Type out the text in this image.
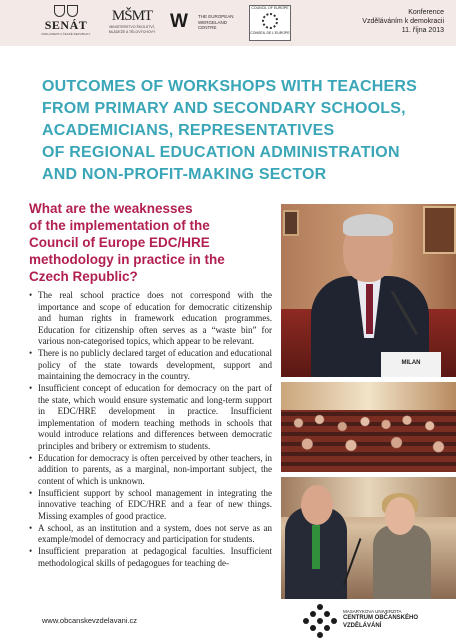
SENÁT
PARLAMENTU ČESKÉ REPUBLIKY
MŠMT
MINISTERSTVO ŠKOLSTVÍ,
MLÁDEŽE A TĚLOVÝCHOVY W	THE EUROPEAN
WERGELAND
CENTRE
COUNCIL OF EUROPE
CONSEIL DE L'EUROPE
Konference
Vzděláváním k demokracii
11. října 2013
OUTCOMES OF WORKSHOPS WITH TEACHERS
FROM PRIMARY AND SECONDARY SCHOOLS,
ACADEMICIANS, REPRESENTATIVES
OF REGIONAL EDUCATION ADMINISTRATION
AND NON-PROFIT-MAKING SECTOR
What are the weaknesses
of the implementation of the
Council of Europe EDC/HRE
methodology in practice in the
Czech Republic?
• The real school practice does not correspond with the importance and scope of education for democratic citizenship and human rights in framework education programmes. Education for citizenship often serves as a “waste bin” for various non-categorised topics, which appear to be relevant.
• There is no publicly declared target of education and educational policy of the state towards development, support and maintaining the democracy in the country.
• Insufficient concept of education for democracy on the part of the state, which would ensure systematic and long-term support in EDC/HRE development in practice. Insufficient implementation of modern teaching methods in schools that would introduce relations and differences between democratic principles and bribery or extremism to students.
• Education for democracy is often perceived by other teachers, in addition to parents, as a marginal, non-important subject, the content of which is unknown.
• Insufficient support by school management in integrating the innovative teaching of EDC/HRE and a fear of new things. Missing examples of good practice.
• A school, as an institution and a system, does not serve as an example/model of democracy and participation for students.
• Insufficient preparation at pedagogical faculties. Insufficient methodological skills of pedagogues for teaching de-
MILAN
www.obcanskevzdelavani.cz
MASARYKOVA UNIVERZITA
CENTRUM OBČANSKÉHO
VZDĚLÁVÁNÍ
